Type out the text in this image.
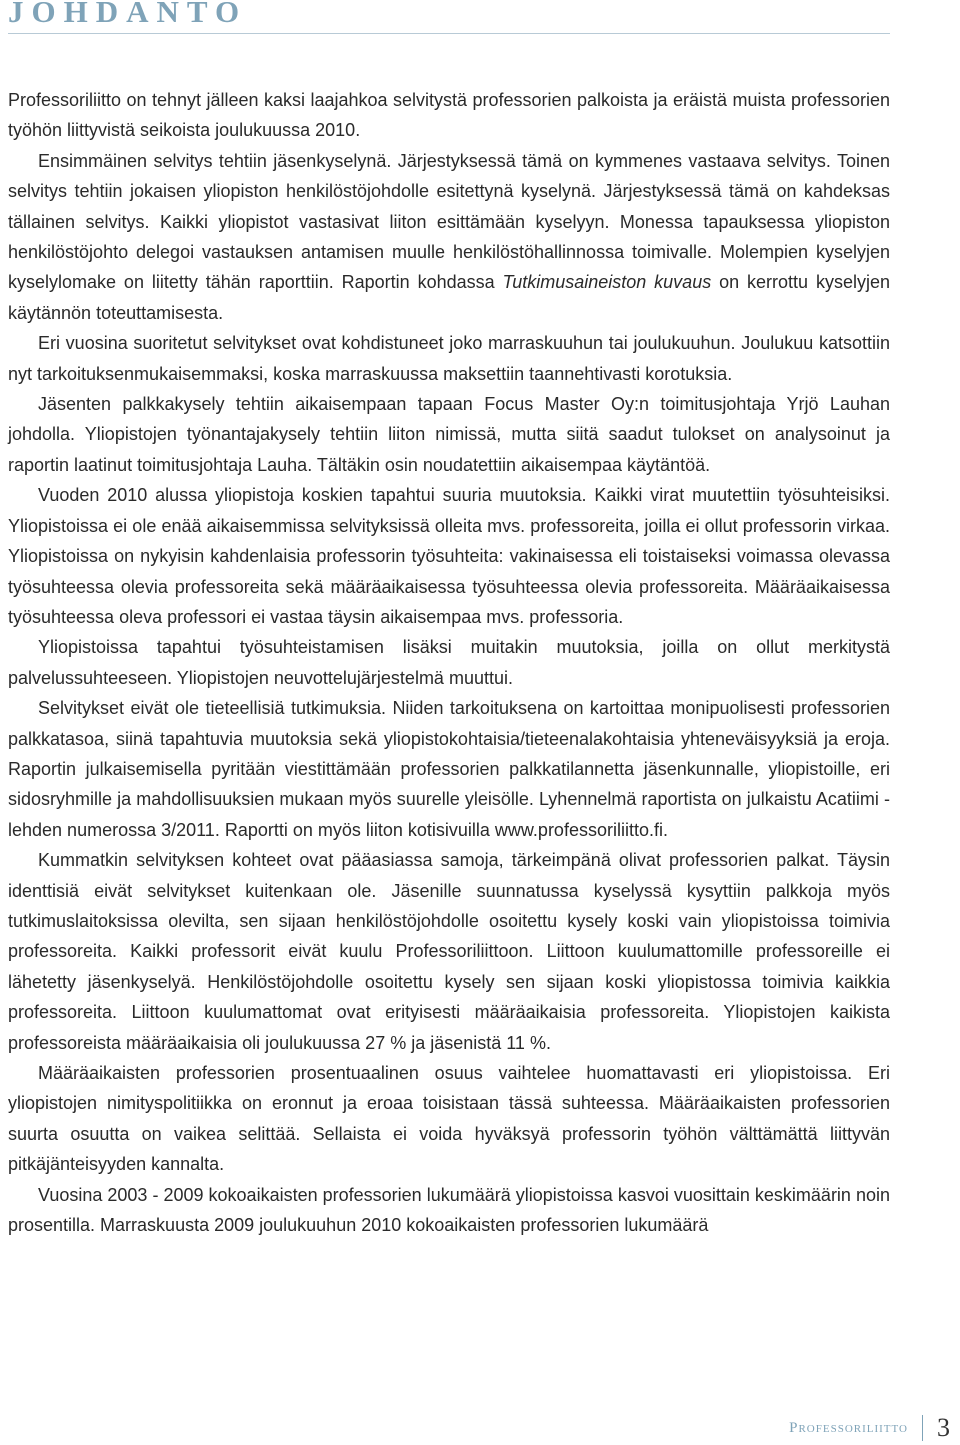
JOHDANTO

Professoriliitto on tehnyt jälleen kaksi laajahkoa selvitystä professorien palkoista ja eräistä muista professorien työhön liittyvistä seikoista joulukuussa 2010.

Ensimmäinen selvitys tehtiin jäsenkyselynä. Järjestyksessä tämä on kymmenes vastaava selvitys. Toinen selvitys tehtiin jokaisen yliopiston henkilöstöjohdolle esitettynä kyselynä. Järjestyksessä tämä on kahdeksas tällainen selvitys. Kaikki yliopistot vastasivat liiton esittämään kyselyyn. Monessa tapauksessa yliopiston henkilöstöjohto delegoi vastauksen antamisen muulle henkilöstöhallinnossa toimivalle. Molempien kyselyjen kyselylomake on liitetty tähän raporttiin. Raportin kohdassa Tutkimusaineiston kuvaus on kerrottu kyselyjen käytännön toteuttamisesta.

Eri vuosina suoritetut selvitykset ovat kohdistuneet joko marraskuuhun tai joulukuuhun. Joulukuu katsottiin nyt tarkoituksenmukaisemmaksi, koska marraskuussa maksettiin taannehtivasti korotuksia.

Jäsenten palkkakysely tehtiin aikaisempaan tapaan Focus Master Oy:n toimitusjohtaja Yrjö Lauhan johdolla. Yliopistojen työnantajakysely tehtiin liiton nimissä, mutta siitä saadut tulokset on analysoinut ja raportin laatinut toimitusjohtaja Lauha. Tältäkin osin noudatettiin aikaisempaa käytäntöä.

Vuoden 2010 alussa yliopistoja koskien tapahtui suuria muutoksia. Kaikki virat muutettiin työsuhteisiksi. Yliopistoissa ei ole enää aikaisemmissa selvityksissä olleita mvs. professoreita, joilla ei ollut professorin virkaa. Yliopistoissa on nykyisin kahdenlaisia professorin työsuhteita: vakinaisessa eli toistaiseksi voimassa olevassa työsuhteessa olevia professoreita sekä määräaikaisessa työsuhteessa olevia professoreita. Määräaikaisessa työsuhteessa oleva professori ei vastaa täysin aikaisempaa mvs. professoria.

Yliopistoissa tapahtui työsuhteistamisen lisäksi muitakin muutoksia, joilla on ollut merkitystä palvelussuhteeseen. Yliopistojen neuvottelujärjestelmä muuttui.

Selvitykset eivät ole tieteellisiä tutkimuksia. Niiden tarkoituksena on kartoittaa monipuolisesti professorien palkkatasoa, siinä tapahtuvia muutoksia sekä yliopistokohtaisia/tieteenalakohtaisia yhteneväisyyksiä ja eroja. Raportin julkaisemisella pyritään viestittämään professorien palkkatilannetta jäsenkunnalle, yliopistoille, eri sidosryhmille ja mahdollisuuksien mukaan myös suurelle yleisölle. Lyhennelmä raportista on julkaistu Acatiimi -lehden numerossa 3/2011. Raportti on myös liiton kotisivuilla www.professoriliitto.fi.

Kummatkin selvityksen kohteet ovat pääasiassa samoja, tärkeimpänä olivat professorien palkat. Täysin identtisiä eivät selvitykset kuitenkaan ole. Jäsenille suunnatussa kyselyssä kysyttiin palkkoja myös tutkimuslaitoksissa olevilta, sen sijaan henkilöstöjohdolle osoitettu kysely koski vain yliopistoissa toimivia professoreita. Kaikki professorit eivät kuulu Professoriliittoon. Liittoon kuulumattomille professoreille ei lähetetty jäsenkyselyä. Henkilöstöjohdolle osoitettu kysely sen sijaan koski yliopistossa toimivia kaikkia professoreita. Liittoon kuulumattomat ovat erityisesti määräaikaisia professoreita. Yliopistojen kaikista professoreista määräaikaisia oli joulukuussa 27 % ja jäsenistä 11 %.

Määräaikaisten professorien prosentuaalinen osuus vaihtelee huomattavasti eri yliopistoissa. Eri yliopistojen nimityspolitiikka on eronnut ja eroaa toisistaan tässä suhteessa. Määräaikaisten professorien suurta osuutta on vaikea selittää. Sellaista ei voida hyväksyä professorin työhön välttämättä liittyvän pitkäjänteisyyden kannalta.

Vuosina 2003 - 2009 kokoaikaisten professorien lukumäärä yliopistoissa kasvoi vuosittain keskimäärin noin prosentilla. Marraskuusta 2009 joulukuuhun 2010 kokoaikaisten professorien lukumäärä

Professoriliitto 3
